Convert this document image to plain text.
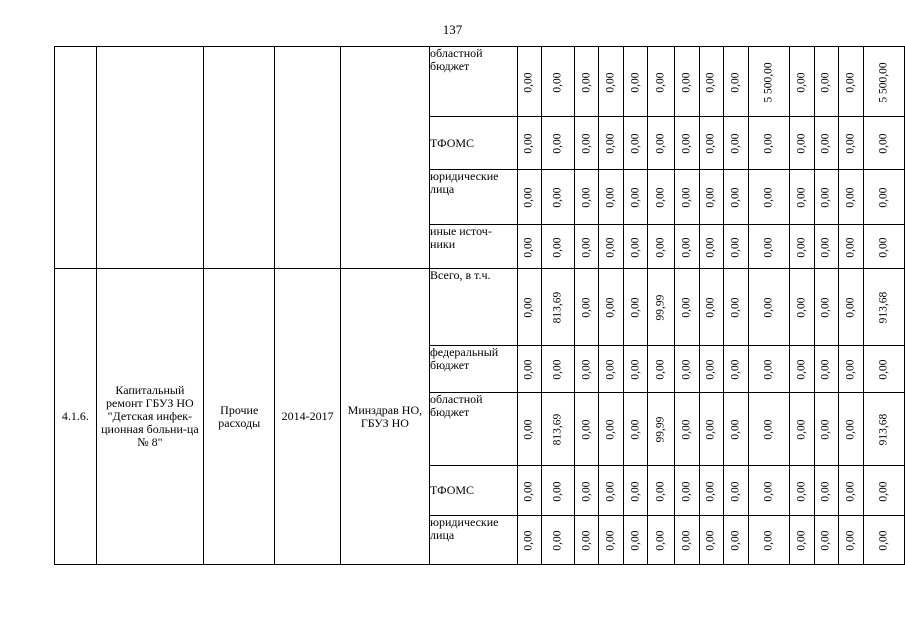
137
					областной бюджет	0,00	0,00	0,00	0,00	0,00	0,00	0,00	0,00	0,00	5 500,00	0,00	0,00	0,00	5 500,00
					ТФОМС	0,00	0,00	0,00	0,00	0,00	0,00	0,00	0,00	0,00	0,00	0,00	0,00	0,00	0,00
					юридические лица	0,00	0,00	0,00	0,00	0,00	0,00	0,00	0,00	0,00	0,00	0,00	0,00	0,00	0,00
					иные источ-ники	0,00	0,00	0,00	0,00	0,00	0,00	0,00	0,00	0,00	0,00	0,00	0,00	0,00	0,00
4.1.6.	Капитальный ремонт ГБУЗ НО "Детская инфек-ционная больни-ца № 8"	Прочие расходы	2014-2017	Минздрав НО, ГБУЗ НО	Всего, в т.ч.	0,00	813,69	0,00	0,00	0,00	99,99	0,00	0,00	0,00	0,00	0,00	0,00	0,00	913,68
					федеральный бюджет	0,00	0,00	0,00	0,00	0,00	0,00	0,00	0,00	0,00	0,00	0,00	0,00	0,00	0,00
					областной бюджет	0,00	813,69	0,00	0,00	0,00	99,99	0,00	0,00	0,00	0,00	0,00	0,00	0,00	913,68
					ТФОМС	0,00	0,00	0,00	0,00	0,00	0,00	0,00	0,00	0,00	0,00	0,00	0,00	0,00	0,00
					юридические лица	0,00	0,00	0,00	0,00	0,00	0,00	0,00	0,00	0,00	0,00	0,00	0,00	0,00	0,00
